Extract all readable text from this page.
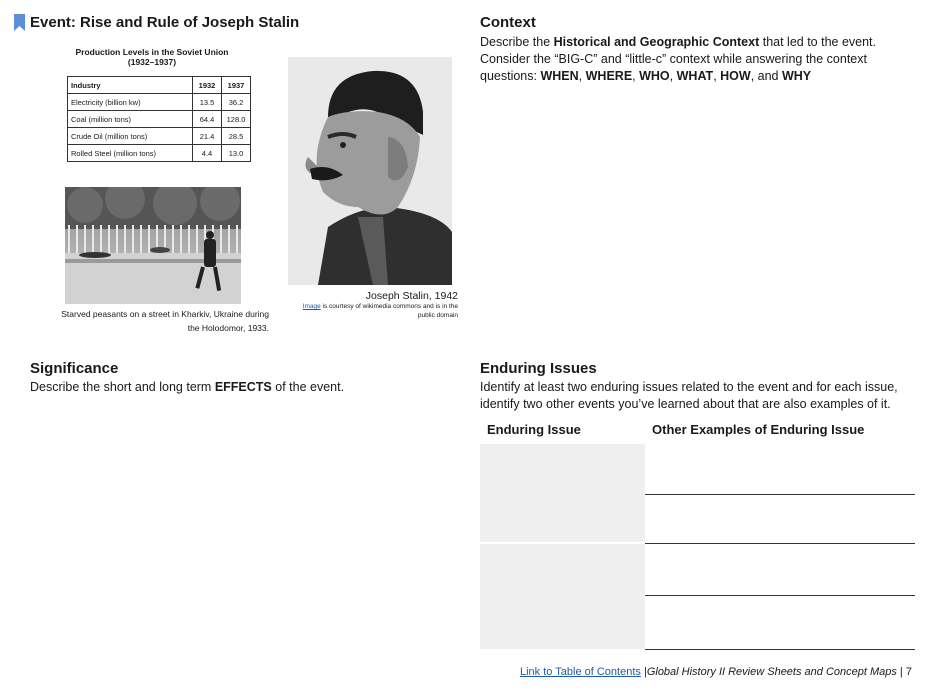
Event: Rise and Rule of Joseph Stalin
Production Levels in the Soviet Union
(1932–1937)
Industry	1932	1937
Electricity (billion kw)	13.5	36.2
Coal (million tons)	64.4	128.0
Crude Oil (million tons)	21.4	28.5
Rolled Steel (million tons)	4.4	13.0
Starved peasants on a street in Kharkiv, Ukraine during
the Holodomor, 1933.
Joseph Stalin, 1942
Image is courtesy of wikimedia commons and is in the
public domain
Context
Describe the Historical and Geographic Context that led to the event.
Consider the “BIG-C” and “little-c” context while answering the context
questions: WHEN, WHERE, WHO, WHAT, HOW, and WHY
Significance
Describe the short and long term EFFECTS of the event.
Enduring Issues
Identify at least two enduring issues related to the event and for each issue,
identify two other events you’ve learned about that are also examples of it.
Enduring Issue	Other Examples of Enduring Issue
Link to Table of Contents |Global History II Review Sheets and Concept Maps | 7
